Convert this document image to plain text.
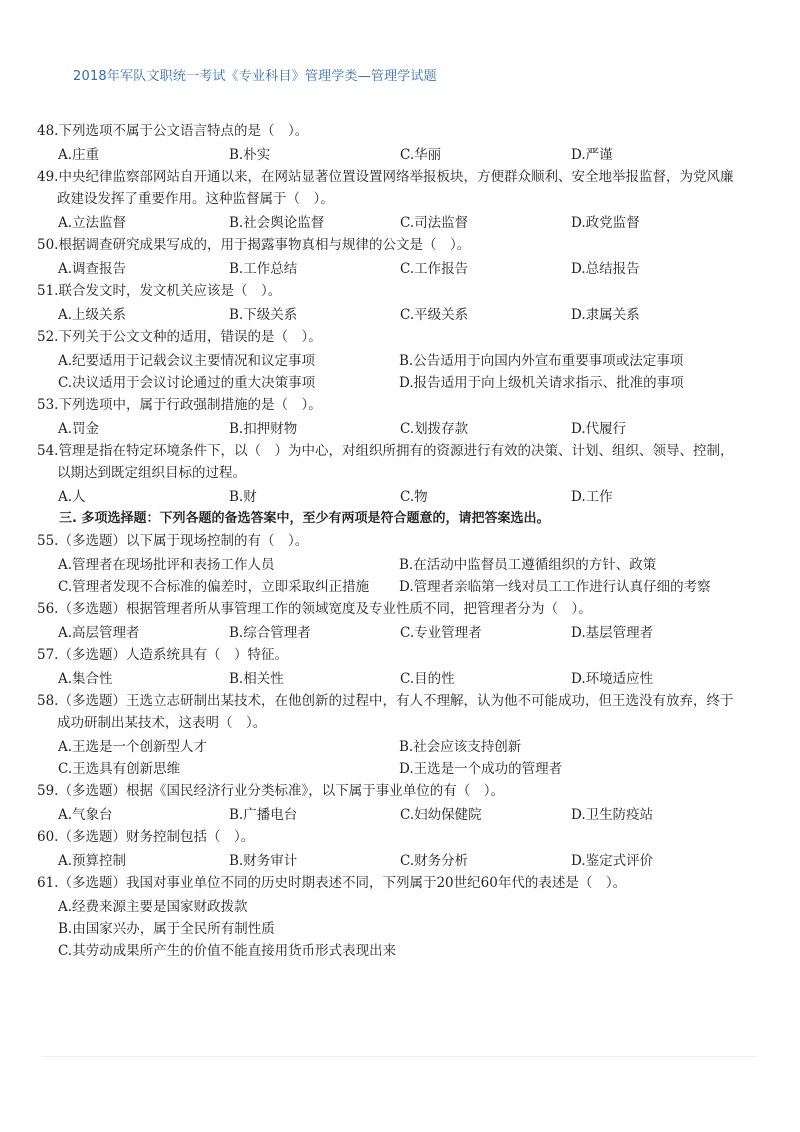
2018年军队文职统一考试《专业科目》管理学类—管理学试题
48.下列选项不属于公文语言特点的是（　）。
A.庄重	B.朴实	C.华丽	D.严谨
49.中央纪律监察部网站自开通以来，在网站显著位置设置网络举报板块，方便群众顺利、安全地举报监督，为党风廉政建设发挥了重要作用。这种监督属于（　）。
A.立法监督	B.社会舆论监督	C.司法监督	D.政党监督
50.根据调查研究成果写成的，用于揭露事物真相与规律的公文是（　）。
A.调查报告	B.工作总结	C.工作报告	D.总结报告
51.联合发文时，发文机关应该是（　）。
A.上级关系	B.下级关系	C.平级关系	D.隶属关系
52.下列关于公文文种的适用，错误的是（　）。
A.纪要适用于记载会议主要情况和议定事项	B.公告适用于向国内外宣布重要事项或法定事项
C.决议适用于会议讨论通过的重大决策事项	D.报告适用于向上级机关请求指示、批准的事项
53.下列选项中，属于行政强制措施的是（　）。
A.罚金	B.扣押财物	C.划拨存款	D.代履行
54.管理是指在特定环境条件下，以（　）为中心，对组织所拥有的资源进行有效的决策、计划、组织、领导、控制，以期达到既定组织目标的过程。
A.人	B.财	C.物	D.工作
三. 多项选择题：下列各题的备选答案中，至少有两项是符合题意的，请把答案选出。
55.（多选题）以下属于现场控制的有（　）。
A.管理者在现场批评和表扬工作人员	B.在活动中监督员工遵循组织的方针、政策
C.管理者发现不合标准的偏差时，立即采取纠正措施	D.管理者亲临第一线对员工工作进行认真仔细的考察
56.（多选题）根据管理者所从事管理工作的领域宽度及专业性质不同，把管理者分为（　）。
A.高层管理者	B.综合管理者	C.专业管理者	D.基层管理者
57.（多选题）人造系统具有（　）特征。
A.集合性	B.相关性	C.目的性	D.环境适应性
58.（多选题）王选立志研制出某技术，在他创新的过程中，有人不理解，认为他不可能成功，但王选没有放弃，终于成功研制出某技术，这表明（　）。
A.王选是一个创新型人才	B.社会应该支持创新
C.王选具有创新思维	D.王选是一个成功的管理者
59.（多选题）根据《国民经济行业分类标准》，以下属于事业单位的有（　）。
A.气象台	B.广播电台	C.妇幼保健院	D.卫生防疫站
60.（多选题）财务控制包括（　）。
A.预算控制	B.财务审计	C.财务分析	D.鉴定式评价
61.（多选题）我国对事业单位不同的历史时期表述不同，下列属于20世纪60年代的表述是（　）。
A.经费来源主要是国家财政拨款
B.由国家兴办，属于全民所有制性质
C.其劳动成果所产生的价值不能直接用货币形式表现出来
